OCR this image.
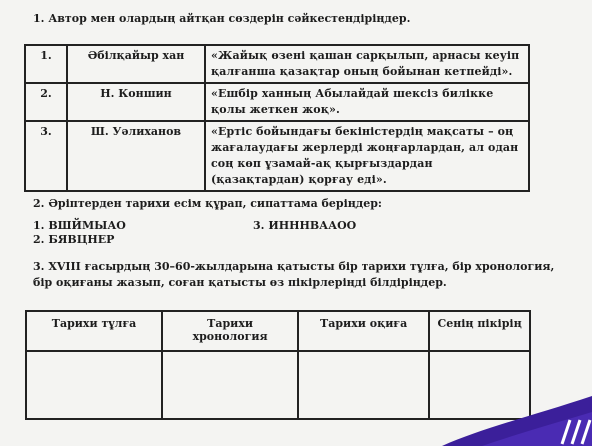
1. Автор мен олардың айтқан сөздерін сәйкестендіріңдер.
1.	Әбілқайыр хан	«Жайық өзені қашан сарқылып, арнасы кеуіп қалғанша қазақтар оның бойынан кетпейді».
2.	Н. Коншин	«Ешбір ханның Абылайдай шексіз билікке қолы жеткен жоқ».
3.	Ш. Уәлиханов	«Ертіс бойындағы бекіністердің мақсаты – оң жағалаудағы жерлерді жоңғарлардан, ал одан соң көп ұзамай-ақ қырғыздардан (қазақтардан) қорғау еді».
2. Әріптерден тарихи есім құрап, сипаттама беріңдер:
1. ВШЙМЫАО
2. БЯВЦНЕР
3. ИННHВААОО
3. XVIII ғасырдың 30–60-жылдарына қатысты бір тарихи тұлға, бір хронология, бір оқиғаны жазып, соған қатысты өз пікірлеріңді білдіріңдер.
Тарихи тұлға	Тарихи хронология	Тарихи оқиға	Сенің пікірің
